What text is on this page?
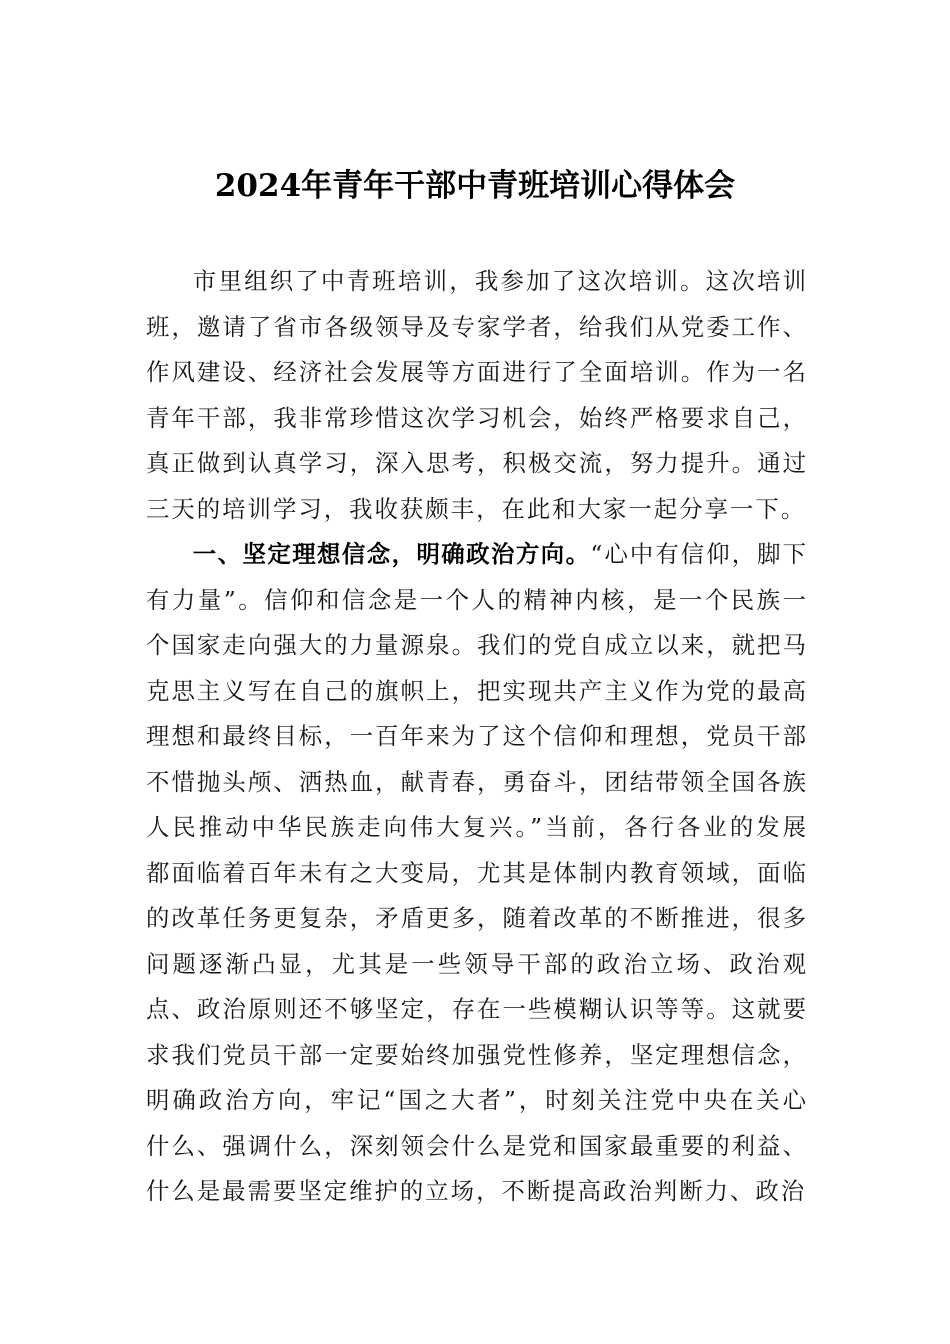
2024年青年干部中青班培训心得体会

市里组织了中青班培训，我参加了这次培训。这次培训班，邀请了省市各级领导及专家学者，给我们从党委工作、作风建设、经济社会发展等方面进行了全面培训。作为一名青年干部，我非常珍惜这次学习机会，始终严格要求自己，真正做到认真学习，深入思考，积极交流，努力提升。通过三天的培训学习，我收获颇丰，在此和大家一起分享一下。

一、坚定理想信念，明确政治方向。“心中有信仰，脚下有力量”。信仰和信念是一个人的精神内核，是一个民族一个国家走向强大的力量源泉。我们的党自成立以来，就把马克思主义写在自己的旗帜上，把实现共产主义作为党的最高理想和最终目标，一百年来为了这个信仰和理想，党员干部不惜抛头颅、洒热血，献青春，勇奋斗，团结带领全国各族人民推动中华民族走向伟大复兴。”当前，各行各业的发展都面临着百年未有之大变局，尤其是体制内教育领域，面临的改革任务更复杂，矛盾更多，随着改革的不断推进，很多问题逐渐凸显，尤其是一些领导干部的政治立场、政治观点、政治原则还不够坚定，存在一些模糊认识等等。这就要求我们党员干部一定要始终加强党性修养，坚定理想信念，明确政治方向，牢记“国之大者”，时刻关注党中央在关心什么、强调什么，深刻领会什么是党和国家最重要的利益、什么是最需要坚定维护的立场，不断提高政治判断力、政治
